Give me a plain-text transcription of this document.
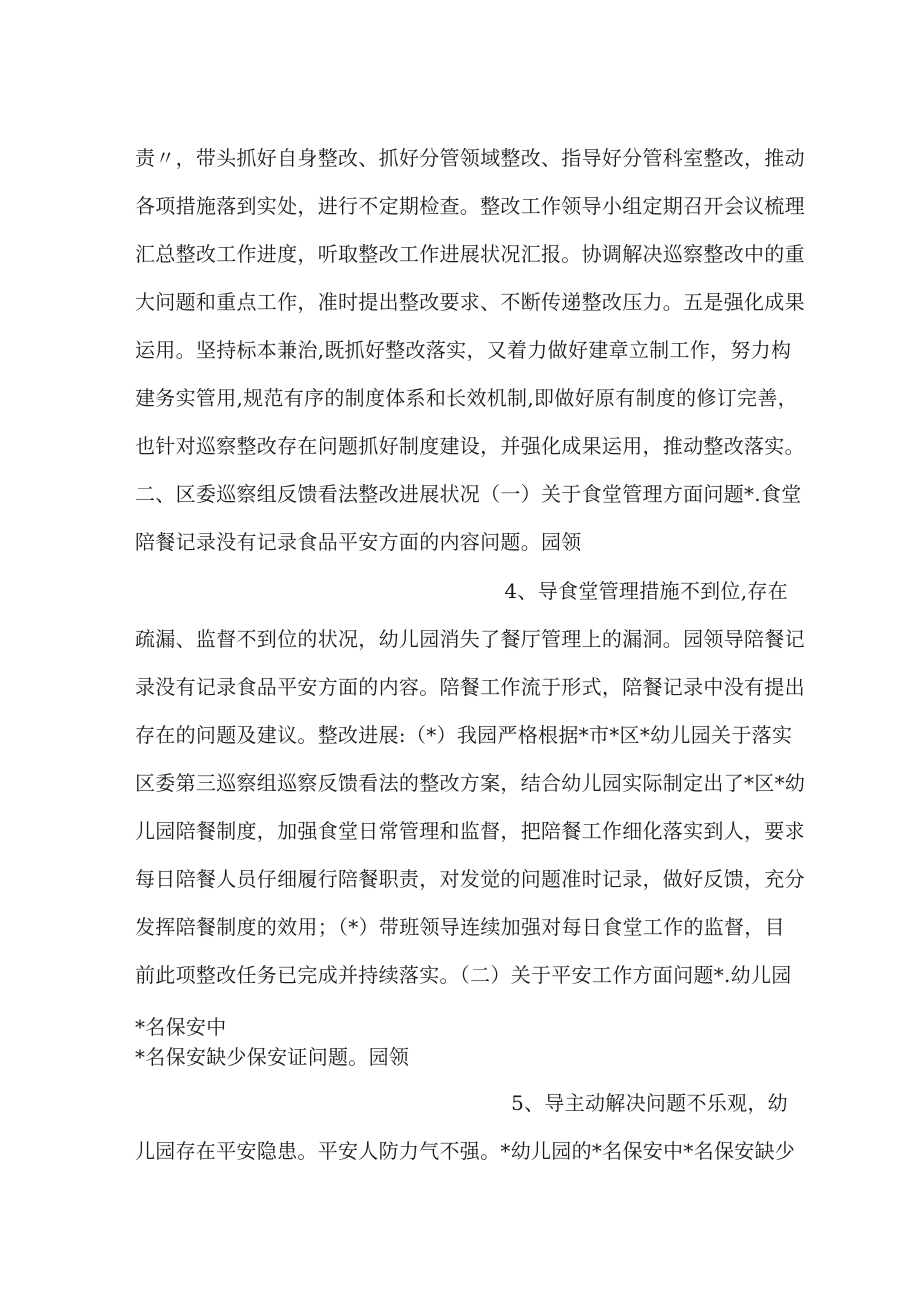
责〃，带头抓好自身整改、抓好分管领域整改、指导好分管科室整改，推动
各项措施落到实处，进行不定期检查。整改工作领导小组定期召开会议梳理
汇总整改工作进度，听取整改工作进展状况汇报。协调解决巡察整改中的重
大问题和重点工作，准时提出整改要求、不断传递整改压力。五是强化成果
运用。坚持标本兼治,既抓好整改落实，又着力做好建章立制工作，努力构
建务实管用,规范有序的制度体系和长效机制,即做好原有制度的修订完善，
也针对巡察整改存在问题抓好制度建设，并强化成果运用，推动整改落实。
二、区委巡察组反馈看法整改进展状况（一）关于食堂管理方面问题*.食堂
陪餐记录没有记录食品平安方面的内容问题。园领
4、导食堂管理措施不到位,存在
疏漏、监督不到位的状况，幼儿园消失了餐厅管理上的漏洞。园领导陪餐记
录没有记录食品平安方面的内容。陪餐工作流于形式，陪餐记录中没有提出
存在的问题及建议。整改进展:（*）我园严格根据*市*区*幼儿园关于落实
区委第三巡察组巡察反馈看法的整改方案，结合幼儿园实际制定出了*区*幼
儿园陪餐制度，加强食堂日常管理和监督，把陪餐工作细化落实到人，要求
每日陪餐人员仔细履行陪餐职责，对发觉的问题准时记录，做好反馈，充分
发挥陪餐制度的效用；（*）带班领导连续加强对每日食堂工作的监督，目
前此项整改任务已完成并持续落实。（二）关于平安工作方面问题*.幼儿园
*名保安中
*名保安缺少保安证问题。园领
5、导主动解决问题不乐观，幼
儿园存在平安隐患。平安人防力气不强。*幼儿园的*名保安中*名保安缺少
